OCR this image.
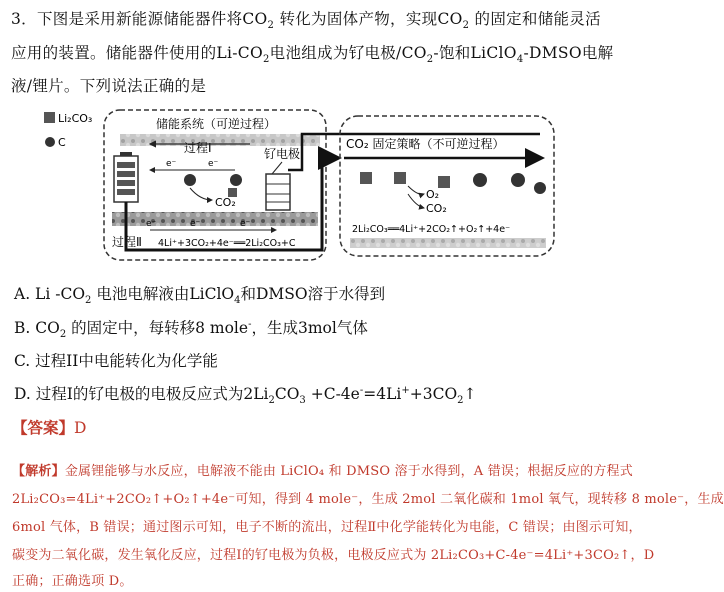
3．下图是采用新能源储能器件将$CO_2$ 转化为固体产物，实现$CO_2$ 的固定和储能灵活
应用的装置。储能器件使用的$Li-CO_2$电池组成为钌电极$/CO_2-$饱和LiClO$_4$-DMSO电解
液/锂片。下列说法正确的是
Li₂CO₃
C
储能系统（可逆过程）
过程Ⅰ
e⁻	e⁻
钌电极
CO₂
e⁻	e⁻	e⁻
过程Ⅱ 4Li⁺+3CO₂+4e⁻══2Li₂CO₃+C
CO₂ 固定策略（不可逆过程）
O₂
CO₂
2Li₂CO₃══4Li⁺+2CO₂↑+O₂↑+4e⁻
A. Li $-CO_2$ 电池电解液由LiClO$_4$和DMSO溶于水得到
B. $CO_2$ 的固定中，每转移8 mole-，生成3mol气体
C. 过程II中电能转化为化学能
D. 过程I的钌电极的电极反应式为$2Li_2CO_3$ $+C-4e^-=4Li^++3CO_2↑$
【答案】D
【解析】金属锂能够与水反应，电解液不能由 LiClO₄ 和 DMSO 溶于水得到，A 错误；根据反应的方程式
2Li₂CO₃=4Li⁺+2CO₂↑+O₂↑+4e⁻可知，得到 4 mole⁻，生成 2mol 二氧化碳和 1mol 氧气，现转移 8 mole⁻，生成
6mol 气体，B 错误；通过图示可知，电子不断的流出，过程Ⅱ中化学能转化为电能，C 错误；由图示可知，
碳变为二氧化碳，发生氧化反应，过程Ⅰ的钌电极为负极，电极反应式为 2Li₂CO₃+C-4e⁻=4Li⁺+3CO₂↑，D
正确；正确选项 D。
